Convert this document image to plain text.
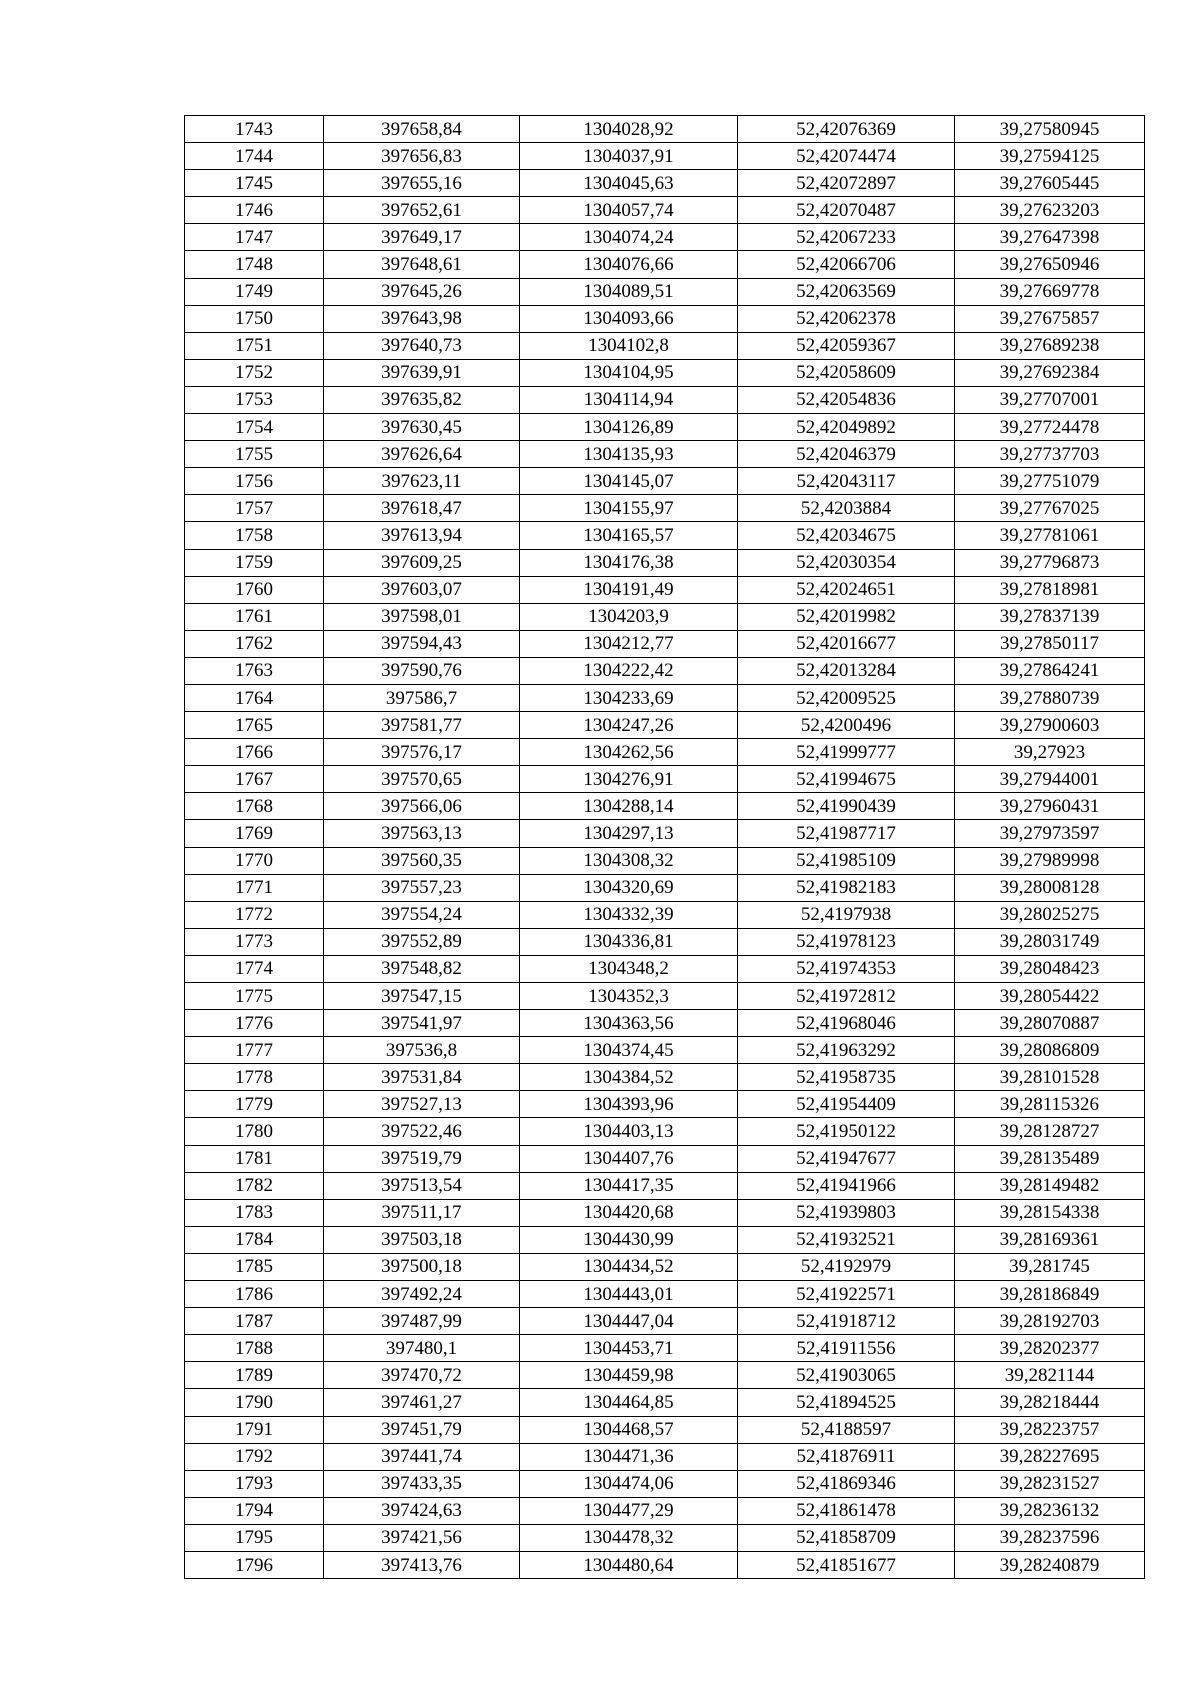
1743	397658,84	1304028,92	52,42076369	39,27580945
1744	397656,83	1304037,91	52,42074474	39,27594125
1745	397655,16	1304045,63	52,42072897	39,27605445
1746	397652,61	1304057,74	52,42070487	39,27623203
1747	397649,17	1304074,24	52,42067233	39,27647398
1748	397648,61	1304076,66	52,42066706	39,27650946
1749	397645,26	1304089,51	52,42063569	39,27669778
1750	397643,98	1304093,66	52,42062378	39,27675857
1751	397640,73	1304102,8	52,42059367	39,27689238
1752	397639,91	1304104,95	52,42058609	39,27692384
1753	397635,82	1304114,94	52,42054836	39,27707001
1754	397630,45	1304126,89	52,42049892	39,27724478
1755	397626,64	1304135,93	52,42046379	39,27737703
1756	397623,11	1304145,07	52,42043117	39,27751079
1757	397618,47	1304155,97	52,4203884	39,27767025
1758	397613,94	1304165,57	52,42034675	39,27781061
1759	397609,25	1304176,38	52,42030354	39,27796873
1760	397603,07	1304191,49	52,42024651	39,27818981
1761	397598,01	1304203,9	52,42019982	39,27837139
1762	397594,43	1304212,77	52,42016677	39,27850117
1763	397590,76	1304222,42	52,42013284	39,27864241
1764	397586,7	1304233,69	52,42009525	39,27880739
1765	397581,77	1304247,26	52,4200496	39,27900603
1766	397576,17	1304262,56	52,41999777	39,27923
1767	397570,65	1304276,91	52,41994675	39,27944001
1768	397566,06	1304288,14	52,41990439	39,27960431
1769	397563,13	1304297,13	52,41987717	39,27973597
1770	397560,35	1304308,32	52,41985109	39,27989998
1771	397557,23	1304320,69	52,41982183	39,28008128
1772	397554,24	1304332,39	52,4197938	39,28025275
1773	397552,89	1304336,81	52,41978123	39,28031749
1774	397548,82	1304348,2	52,41974353	39,28048423
1775	397547,15	1304352,3	52,41972812	39,28054422
1776	397541,97	1304363,56	52,41968046	39,28070887
1777	397536,8	1304374,45	52,41963292	39,28086809
1778	397531,84	1304384,52	52,41958735	39,28101528
1779	397527,13	1304393,96	52,41954409	39,28115326
1780	397522,46	1304403,13	52,41950122	39,28128727
1781	397519,79	1304407,76	52,41947677	39,28135489
1782	397513,54	1304417,35	52,41941966	39,28149482
1783	397511,17	1304420,68	52,41939803	39,28154338
1784	397503,18	1304430,99	52,41932521	39,28169361
1785	397500,18	1304434,52	52,4192979	39,281745
1786	397492,24	1304443,01	52,41922571	39,28186849
1787	397487,99	1304447,04	52,41918712	39,28192703
1788	397480,1	1304453,71	52,41911556	39,28202377
1789	397470,72	1304459,98	52,41903065	39,2821144
1790	397461,27	1304464,85	52,41894525	39,28218444
1791	397451,79	1304468,57	52,4188597	39,28223757
1792	397441,74	1304471,36	52,41876911	39,28227695
1793	397433,35	1304474,06	52,41869346	39,28231527
1794	397424,63	1304477,29	52,41861478	39,28236132
1795	397421,56	1304478,32	52,41858709	39,28237596
1796	397413,76	1304480,64	52,41851677	39,28240879
